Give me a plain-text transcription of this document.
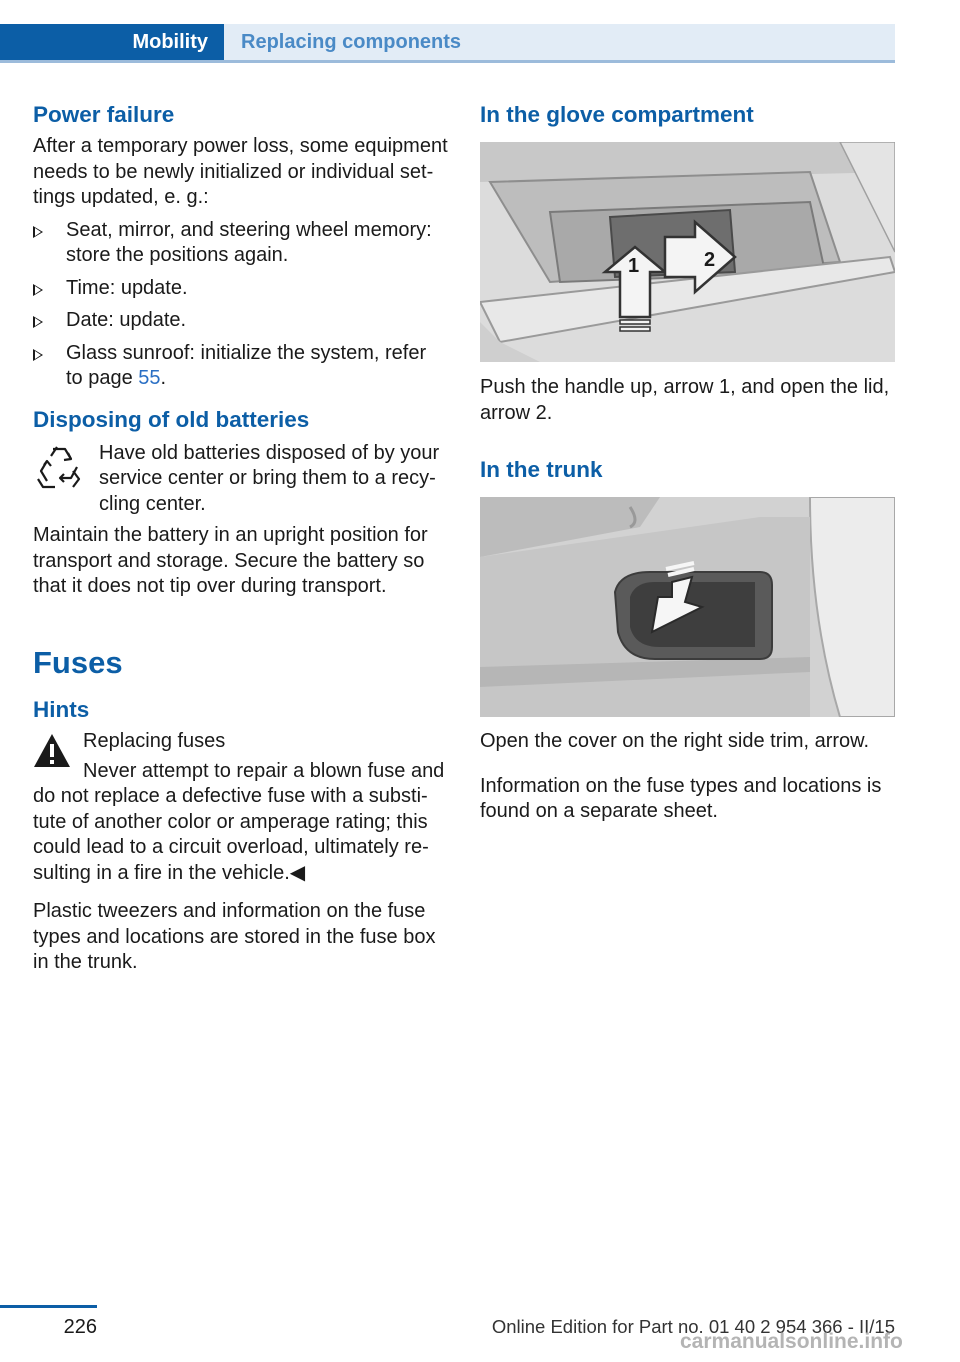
Mobility	Replacing components
Power failure

After a temporary power loss, some equipment needs to be newly initialized or individual set-tings updated, e. g.:

Seat, mirror, and steering wheel memory: store the positions again.
Time: update.
Date: update.
Glass sunroof: initialize the system, refer to page 55.
Disposing of old batteries

Have old batteries disposed of by your service center or bring them to a recy-cling center.

Maintain the battery in an upright position for transport and storage. Secure the battery so that it does not tip over during transport.

Fuses
Hints

Replacing fuses

Never attempt to repair a blown fuse and do not replace a defective fuse with a substi-tute of another color or amperage rating; this could lead to a circuit overload, ultimately re-sulting in a fire in the vehicle.◀

Plastic tweezers and information on the fuse types and locations are stored in the fuse box in the trunk.

In the glove compartment
1	2

Push the handle up, arrow 1, and open the lid, arrow 2.

In the trunk

Open the cover on the right side trim, arrow.

Information on the fuse types and locations is found on a separate sheet.

226	Online Edition for Part no. 01 40 2 954 366 - II/15
carmanualsonline.info
